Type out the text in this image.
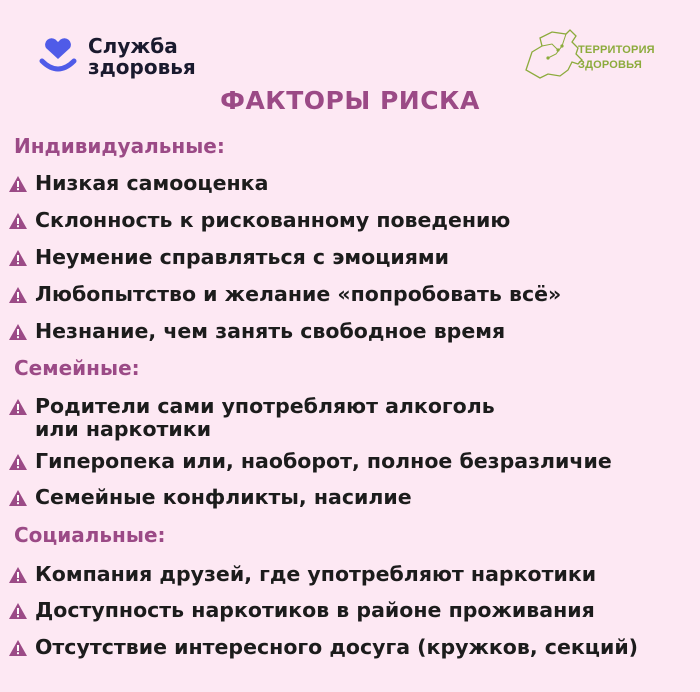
Служба
здоровья
ТЕРРИТОРИЯ
ЗДОРОВЬЯ
ФАКТОРЫ РИСКА
Индивидуальные:
Низкая самооценка
Склонность к рискованному поведению
Неумение справляться с эмоциями
Любопытство и желание «попробовать всё»
Незнание, чем занять свободное время
Семейные:
Родители сами употребляют алкоголь
или наркотики
Гиперопека или, наоборот, полное безразличие
Семейные конфликты, насилие
Социальные:
Компания друзей, где употребляют наркотики
Доступность наркотиков в районе проживания
Отсутствие интересного досуга (кружков, секций)
